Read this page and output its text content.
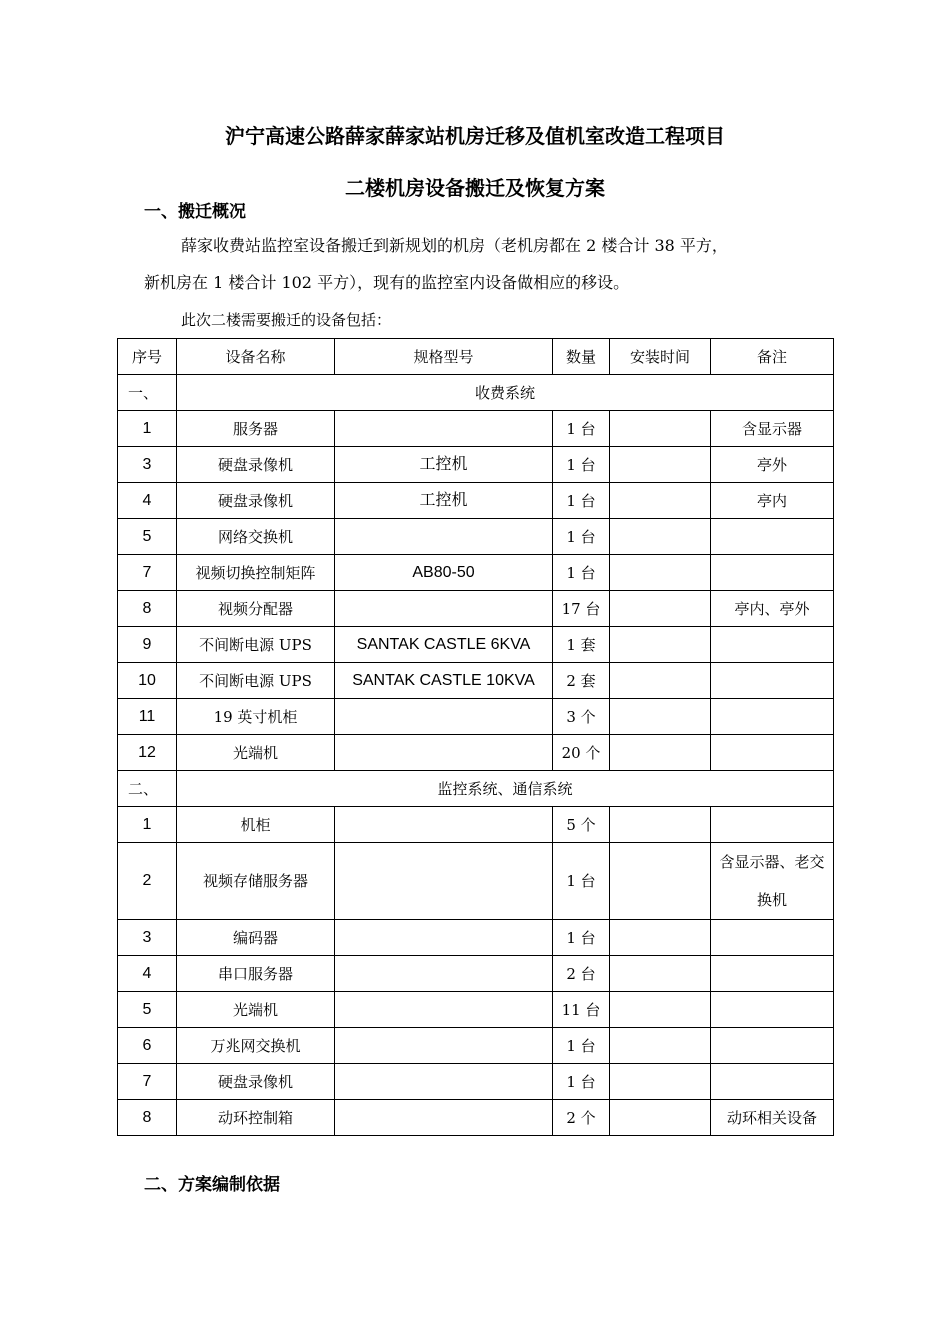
沪宁高速公路薛家薛家站机房迁移及值机室改造工程项目
二楼机房设备搬迁及恢复方案
一、搬迁概况
薛家收费站监控室设备搬迁到新规划的机房（老机房都在 2 楼合计 38 平方，
新机房在 1 楼合计 102 平方），现有的监控室内设备做相应的移设。
此次二楼需要搬迁的设备包括：
序号	设备名称	规格型号	数量	安装时间	备注
一、	收费系统				
1	服务器		1 台		含显示器
3	硬盘录像机	工控机	1 台		亭外
4	硬盘录像机	工控机	1 台		亭内
5	网络交换机		1 台		
7	视频切换控制矩阵	AB80-50	1 台		
8	视频分配器		17 台		亭内、亭外
9	不间断电源 UPS	SANTAK CASTLE 6KVA	1 套		
10	不间断电源 UPS	SANTAK CASTLE 10KVA	2 套		
11	19 英寸机柜		3 个		
12	光端机		20 个		
二、	监控系统、通信系统				
1	机柜		5 个		
2	视频存储服务器		1 台		含显示器、老交换机
3	编码器		1 台		
4	串口服务器		2 台		
5	光端机		11 台		
6	万兆网交换机		1 台		
7	硬盘录像机		1 台		
8	动环控制箱		2 个		动环相关设备
二、方案编制依据
